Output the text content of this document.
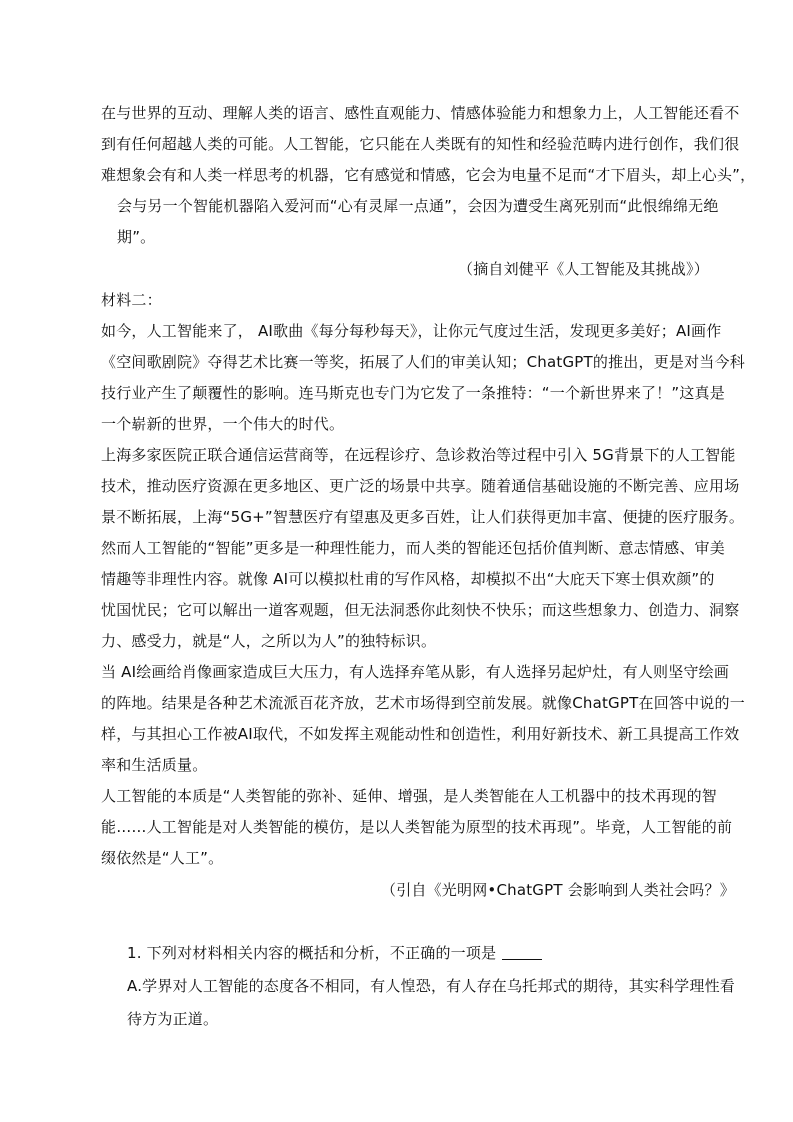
在与世界的互动、理解人类的语言、感性直观能力、情感体验能力和想象力上，人工智能还看不
到有任何超越人类的可能。人工智能，它只能在人类既有的知性和经验范畴内进行创作，我们很
难想象会有和人类一样思考的机器，它有感觉和情感，它会为电量不足而“才下眉头，却上心头”，
会与另一个智能机器陷入爱河而“心有灵犀一点通”，会因为遭受生离死别而“此恨绵绵无绝
期”。
（摘自刘健平《人工智能及其挑战》）
材料二：
如今，人工智能来了， AI歌曲《每分每秒每天》，让你元气度过生活，发现更多美好；AI画作
《空间歌剧院》夺得艺术比赛一等奖，拓展了人们的审美认知；ChatGPT的推出，更是对当今科
技行业产生了颠覆性的影响。连马斯克也专门为它发了一条推特：“一个新世界来了！”这真是
一个崭新的世界，一个伟大的时代。
上海多家医院正联合通信运营商等，在远程诊疗、急诊救治等过程中引入 5G背景下的人工智能
技术，推动医疗资源在更多地区、更广泛的场景中共享。随着通信基础设施的不断完善、应用场
景不断拓展，上海“5G+”智慧医疗有望惠及更多百姓，让人们获得更加丰富、便捷的医疗服务。
然而人工智能的“智能”更多是一种理性能力，而人类的智能还包括价值判断、意志情感、审美
情趣等非理性内容。就像 AI可以模拟杜甫的写作风格，却模拟不出“大庇天下寒士俱欢颜”的
忧国忧民；它可以解出一道客观题，但无法洞悉你此刻快不快乐；而这些想象力、创造力、洞察
力、感受力，就是“人，之所以为人”的独特标识。
当 AI绘画给肖像画家造成巨大压力，有人选择弃笔从影，有人选择另起炉灶，有人则坚守绘画
的阵地。结果是各种艺术流派百花齐放，艺术市场得到空前发展。就像ChatGPT在回答中说的一
样，与其担心工作被AI取代，不如发挥主观能动性和创造性，利用好新技术、新工具提高工作效
率和生活质量。
人工智能的本质是“人类智能的弥补、延伸、增强，是人类智能在人工机器中的技术再现的智
能……人工智能是对人类智能的模仿，是以人类智能为原型的技术再现”。毕竟，人工智能的前
缀依然是“人工”。
（引自《光明网•ChatGPT 会影响到人类社会吗？》
1. 下列对材料相关内容的概括和分析，不正确的一项是
A.学界对人工智能的态度各不相同，有人惶恐，有人存在乌托邦式的期待，其实科学理性看
待方为正道。
